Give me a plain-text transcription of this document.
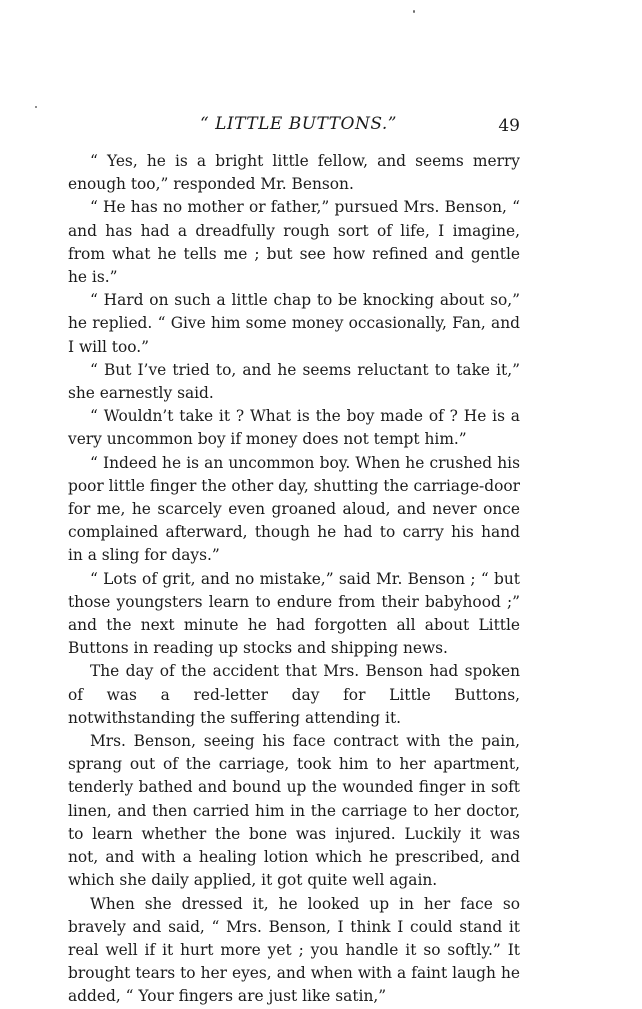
“ LITTLE BUTTONS.”	49

“ Yes, he is a bright little fellow, and seems merry enough too,” responded Mr. Benson.

“ He has no mother or father,” pursued Mrs. Benson, “ and has had a dreadfully rough sort of life, I imagine, from what he tells me ; but see how refined and gentle he is.”

“ Hard on such a little chap to be knocking about so,” he replied. “ Give him some money occasionally, Fan, and I will too.”

“ But I’ve tried to, and he seems reluctant to take it,” she earnestly said.

“ Wouldn’t take it ? What is the boy made of ? He is a very uncommon boy if money does not tempt him.”

“ Indeed he is an uncommon boy. When he crushed his poor little finger the other day, shutting the carriage-door for me, he scarcely even groaned aloud, and never once complained afterward, though he had to carry his hand in a sling for days.”

“ Lots of grit, and no mistake,” said Mr. Benson ; “ but those youngsters learn to endure from their babyhood ;” and the next minute he had forgotten all about Little Buttons in reading up stocks and shipping news.

The day of the accident that Mrs. Benson had spoken of was a red-letter day for Little Buttons, notwithstanding the suffering attending it.

Mrs. Benson, seeing his face contract with the pain, sprang out of the carriage, took him to her apartment, tenderly bathed and bound up the wounded finger in soft linen, and then carried him in the carriage to her doctor, to learn whether the bone was injured. Luckily it was not, and with a healing lotion which he prescribed, and which she daily applied, it got quite well again.

When she dressed it, he looked up in her face so bravely and said, “ Mrs. Benson, I think I could stand it real well if it hurt more yet ; you handle it so softly.” It brought tears to her eyes, and when with a faint laugh he added, “ Your fingers are just like satin,”
